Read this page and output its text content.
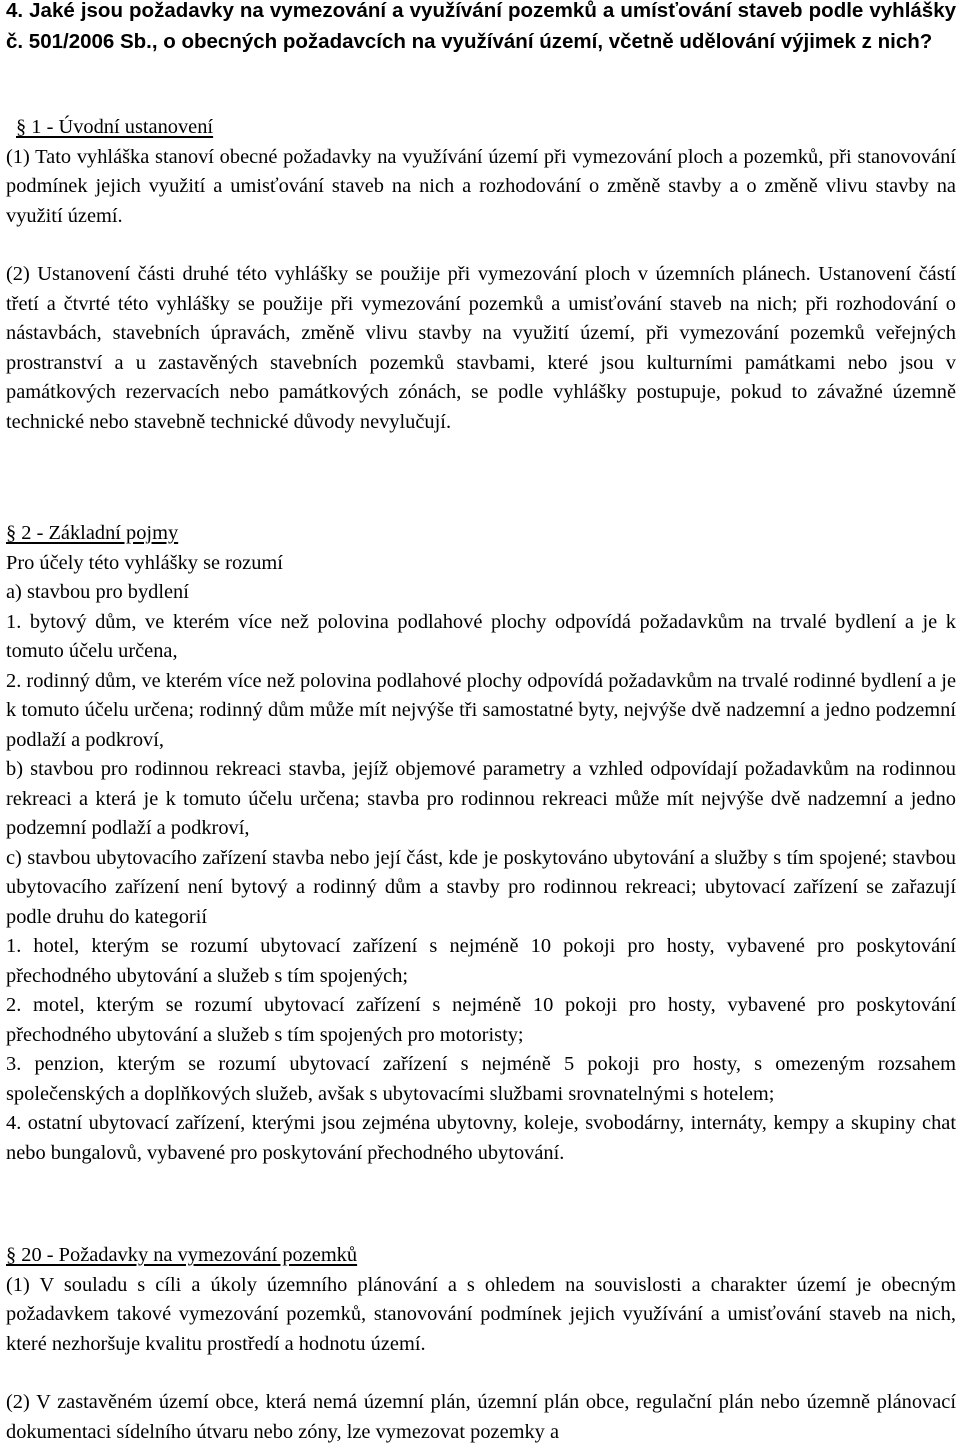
4. Jaké jsou požadavky na vymezování a využívání pozemků a umísťování staveb podle vyhlášky č. 501/2006 Sb., o obecných požadavcích na využívání území, včetně udělování výjimek z nich?

§ 1 - Úvodní ustanovení
(1) Tato vyhláška stanoví obecné požadavky na využívání území při vymezování ploch a pozemků, při stanovování podmínek jejich využití a umisťování staveb na nich a rozhodování o změně stavby a o změně vlivu stavby na využití území.
(2) Ustanovení části druhé této vyhlášky se použije při vymezování ploch v územních plánech. Ustanovení částí třetí a čtvrté této vyhlášky se použije při vymezování pozemků a umisťování staveb na nich; při rozhodování o nástavbách, stavebních úpravách, změně vlivu stavby na využití území, při vymezování pozemků veřejných prostranství a u zastavěných stavebních pozemků stavbami, které jsou kulturními památkami nebo jsou v památkových rezervacích nebo památkových zónách, se podle vyhlášky postupuje, pokud to závažné územně technické nebo stavebně technické důvody nevylučují.
§ 2 - Základní pojmy
Pro účely této vyhlášky se rozumí
a) stavbou pro bydlení
1. bytový dům, ve kterém více než polovina podlahové plochy odpovídá požadavkům na trvalé bydlení a je k tomuto účelu určena,
2. rodinný dům, ve kterém více než polovina podlahové plochy odpovídá požadavkům na trvalé rodinné bydlení a je k tomuto účelu určena; rodinný dům může mít nejvýše tři samostatné byty, nejvýše dvě nadzemní a jedno podzemní podlaží a podkroví,
b) stavbou pro rodinnou rekreaci stavba, jejíž objemové parametry a vzhled odpovídají požadavkům na rodinnou rekreaci a která je k tomuto účelu určena; stavba pro rodinnou rekreaci může mít nejvýše dvě nadzemní a jedno podzemní podlaží a podkroví,
c) stavbou ubytovacího zařízení stavba nebo její část, kde je poskytováno ubytování a služby s tím spojené; stavbou ubytovacího zařízení není bytový a rodinný dům a stavby pro rodinnou rekreaci; ubytovací zařízení se zařazují podle druhu do kategorií
1. hotel, kterým se rozumí ubytovací zařízení s nejméně 10 pokoji pro hosty, vybavené pro poskytování přechodného ubytování a služeb s tím spojených;
2. motel, kterým se rozumí ubytovací zařízení s nejméně 10 pokoji pro hosty, vybavené pro poskytování přechodného ubytování a služeb s tím spojených pro motoristy;
3. penzion, kterým se rozumí ubytovací zařízení s nejméně 5 pokoji pro hosty, s omezeným rozsahem společenských a doplňkových služeb, avšak s ubytovacími službami srovnatelnými s hotelem;
4. ostatní ubytovací zařízení, kterými jsou zejména ubytovny, koleje, svobodárny, internáty, kempy a skupiny chat nebo bungalovů, vybavené pro poskytování přechodného ubytování.
§ 20 - Požadavky na vymezování pozemků
(1) V souladu s cíli a úkoly územního plánování a s ohledem na souvislosti a charakter území je obecným požadavkem takové vymezování pozemků, stanovování podmínek jejich využívání a umisťování staveb na nich, které nezhoršuje kvalitu prostředí a hodnotu území.
(2) V zastavěném území obce, která nemá územní plán, územní plán obce, regulační plán nebo územně plánovací dokumentaci sídelního útvaru nebo zóny, lze vymezovat pozemky a
